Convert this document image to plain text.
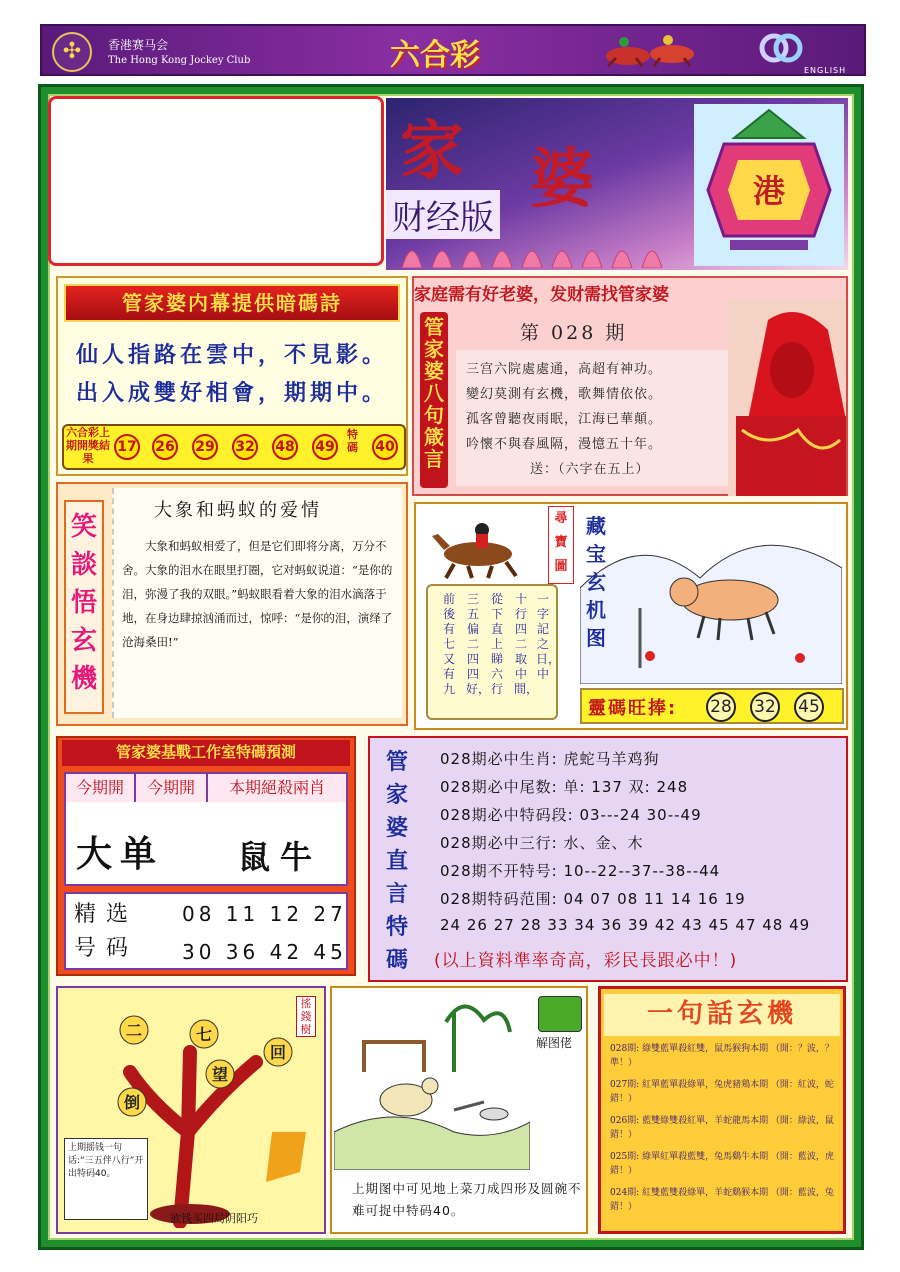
✣	香港赛马会
The Hong Kong Jockey Club	六合彩	ENGLISH
家 婆
财经版
港
管家婆内幕提供暗碼詩
仙人指路在雲中，不見影。
出入成雙好相會，期期中。
六合彩上期開獎結果
17 26 29 32 48 49
特碼	40
家庭需有好老婆，发财需找管家婆
管家婆八句箴言
第 028 期
三宫六院處處通，高超有神功。
變幻莫測有玄機，歌舞情依依。
孤客曾聽夜雨眠，江海已華顛。
吟懷不與春風隔，漫憶五十年。
送：（六字在五上）
笑談悟玄機
大象和蚂蚁的爱情
大象和蚂蚁相爱了，但是它们即将分离，万分不舍。大象的泪水在眼里打圈，它对蚂蚁说道：“是你的泪，弥漫了我的双眼。”蚂蚁眼看着大象的泪水滴落于地，在身边肆掠汹涌而过，惊呼：“是你的泪，演绎了沧海桑田!”
尋寶圖
一字記之日，中
十行四二取中間，
從下直上睇六行
三五偏二四四好，
前後有七又有九
藏宝玄机图
靈碼旺捧: 28 32 45
管家婆基戰工作室特碼預測
今期開	今期開	本期絕殺兩肖
大单 鼠牛
精选号码
08 11 12 27
30 36 42 45
管家婆直言特碼
028期必中生肖: 虎蛇马羊鸡狗
028期必中尾数: 单: 137 双: 248
028期必中特码段: 03---24 30--49
028期必中三行: 水、金、木
028期不开特号: 10--22--37--38--44
028期特码范围: 04 07 08 11 14 16 19
24 26 27 28 33 34 36 39 42 43 45 47 48 49
(以上資料準率奇高，彩民長跟必中！)
二	七
回
倒
望
搖錢樹
上期摇钱一句话:“三五伴八行”开出特码40。
欲钱买四局阴阳巧
解图佬
上期图中可见地上菜刀成四形及圆碗不难可捉中特码40。
一句話玄機
028期: 綠雙藍單殺紅雙，鼠馬猴狗本期 （開：？波，？準！）
027期: 紅單藍單殺綠單，兔虎豬鶏本期 （開：紅波，蛇錯！）
026期: 藍雙綠雙殺紅單，羊蛇龍馬本期 （開：綠波，鼠錯！）
025期: 綠單紅單殺藍雙，兔馬鷄牛本期 （開：藍波，虎錯！）
024期: 紅雙藍雙殺綠單，羊蛇鷄猴本期 （開：藍波，兔錯！）
